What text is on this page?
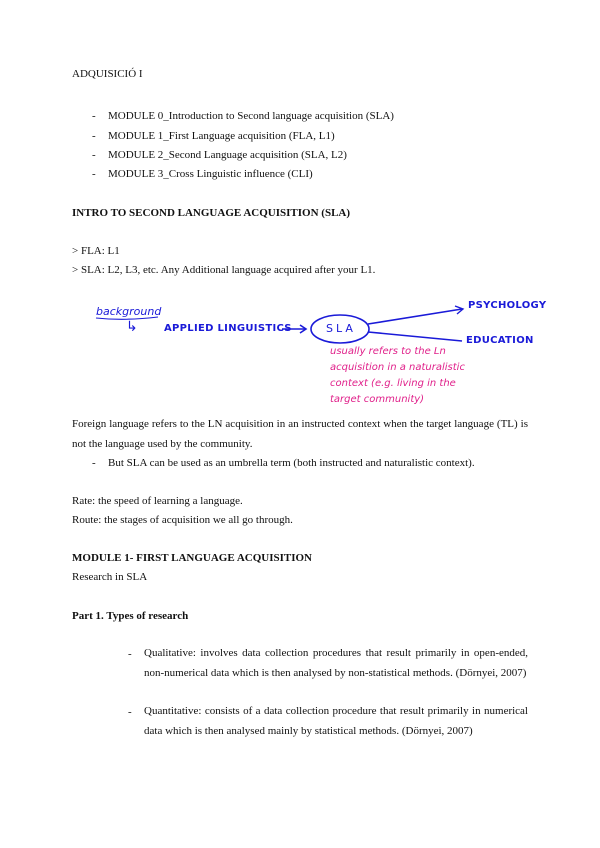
ADQUISICIÓ I
- MODULE 0_Introduction to Second language acquisition (SLA)
- MODULE 1_First Language acquisition (FLA, L1)
- MODULE 2_Second Language acquisition (SLA, L2)
- MODULE 3_Cross Linguistic influence (CLI)
INTRO TO SECOND LANGUAGE ACQUISITION (SLA)
> FLA: L1
> SLA: L2, L3, etc. Any Additional language acquired after your L1.
background
↳	APPLIED LINGUISTICS	SLA
PSYCHOLOGY
EDUCATION
usually refers to the Ln
acquisition in a naturalistic
context (e.g. living in the
target community)
Foreign language refers to the LN acquisition in an instructed context when the target language (TL) is not the language used by the community.
- But SLA can be used as an umbrella term (both instructed and naturalistic context).
Rate: the speed of learning a language.
Route: the stages of acquisition we all go through.
MODULE 1- FIRST LANGUAGE ACQUISITION
Research in SLA
Part 1. Types of research
- Qualitative: involves data collection procedures that result primarily in open-ended, non-numerical data which is then analysed by non-statistical methods. (Dörnyei, 2007)
- Quantitative: consists of a data collection procedure that result primarily in numerical data which is then analysed mainly by statistical methods. (Dörnyei, 2007)
